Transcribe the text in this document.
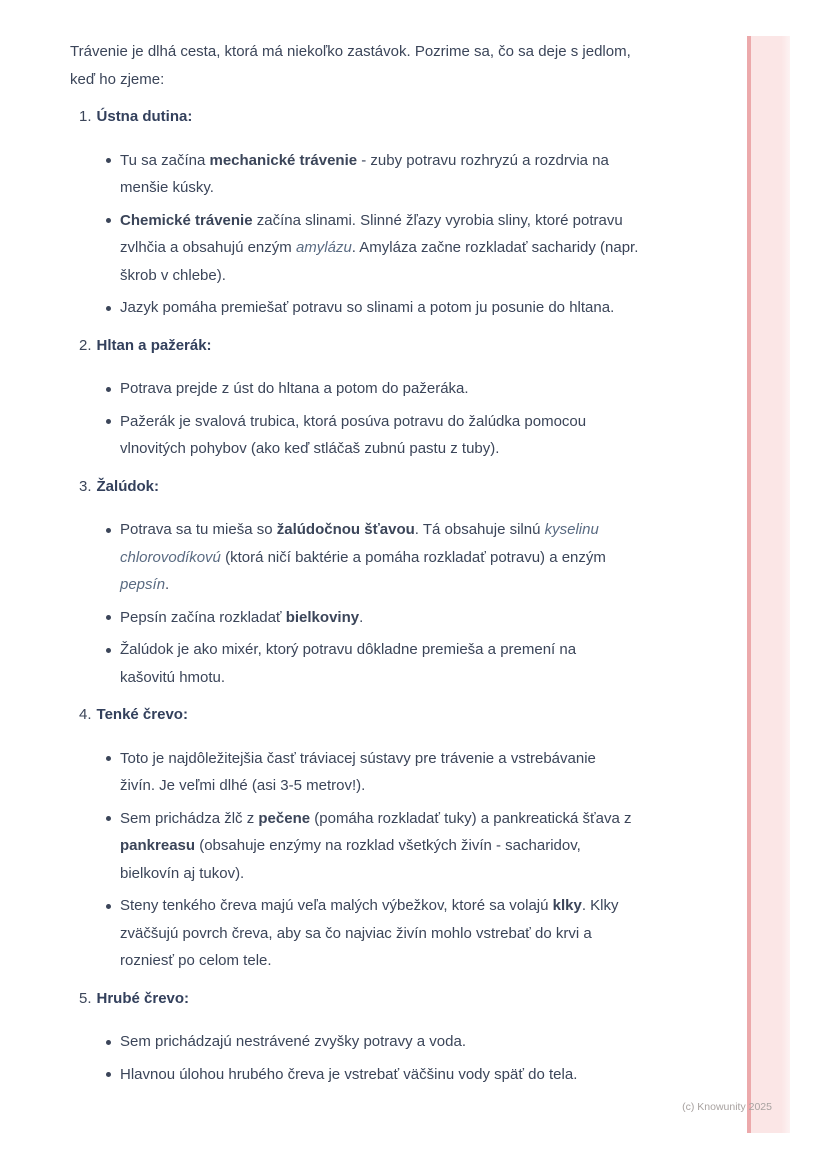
Trávenie je dlhá cesta, ktorá má niekoľko zastávok. Pozrime sa, čo sa deje s jedlom,
keď ho zjeme:
1. Ústna dutina:
Tu sa začína mechanické trávenie - zuby potravu rozhryzú a rozdrvia na
menšie kúsky.
Chemické trávenie začína slinami. Slinné žľazy vyrobia sliny, ktoré potravu
zvlhčia a obsahujú enzým amylázu. Amyláza začne rozkladať sacharidy (napr.
škrob v chlebe).
Jazyk pomáha premiešať potravu so slinami a potom ju posunie do hltana.
2. Hltan a pažerák:
Potrava prejde z úst do hltana a potom do pažeráka.
Pažerák je svalová trubica, ktorá posúva potravu do žalúdka pomocou
vlnovitých pohybov (ako keď stláčaš zubnú pastu z tuby).
3. Žalúdok:
Potrava sa tu mieša so žalúdočnou šťavou. Tá obsahuje silnú kyselinu
chlorovodíkovú (ktorá ničí baktérie a pomáha rozkladať potravu) a enzým
pepsín.
Pepsín začína rozkladať bielkoviny.
Žalúdok je ako mixér, ktorý potravu dôkladne premieša a premení na
kašovitú hmotu.
4. Tenké črevo:
Toto je najdôležitejšia časť tráviacej sústavy pre trávenie a vstrebávanie
živín. Je veľmi dlhé (asi 3-5 metrov!).
Sem prichádza žlč z pečene (pomáha rozkladať tuky) a pankreatická šťava z
pankreasu (obsahuje enzýmy na rozklad všetkých živín - sacharidov,
bielkovín aj tukov).
Steny tenkého čreva majú veľa malých výbežkov, ktoré sa volajú klky. Klky
zväčšujú povrch čreva, aby sa čo najviac živín mohlo vstrebať do krvi a
rozniesť po celom tele.
5. Hrubé črevo:
Sem prichádzajú nestrávené zvyšky potravy a voda.
Hlavnou úlohou hrubého čreva je vstrebať väčšinu vody späť do tela.
(c) Knowunity 2025
